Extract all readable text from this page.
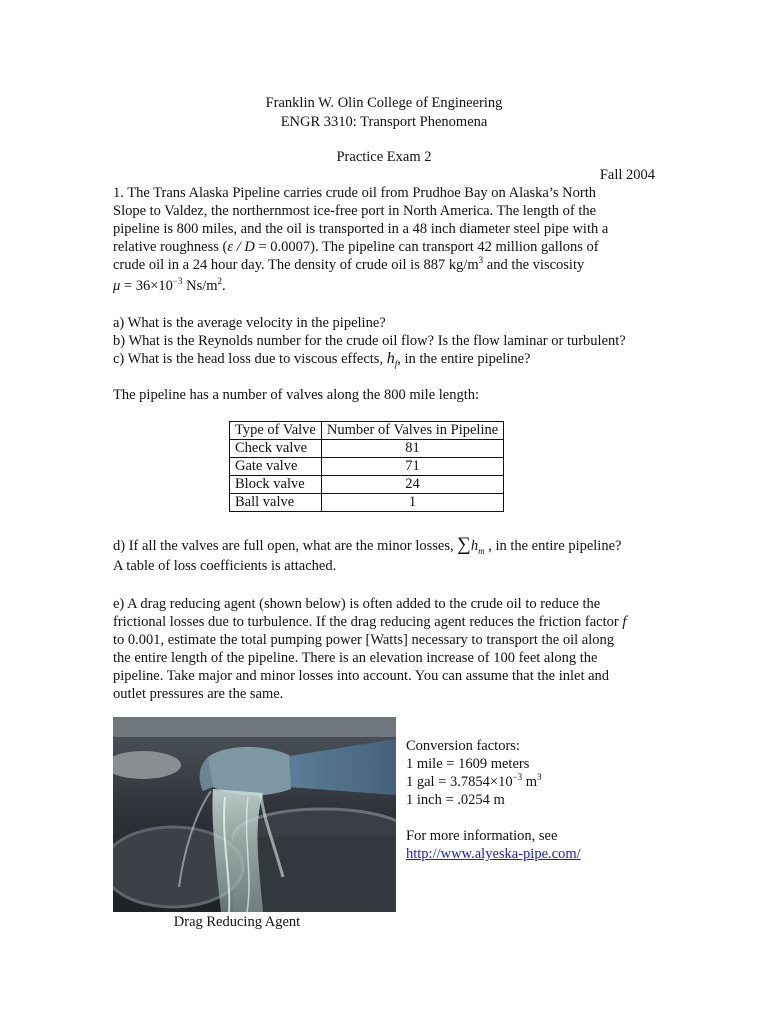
Franklin W. Olin College of Engineering
ENGR 3310: Transport Phenomena
Practice Exam 2
Fall 2004
1. The Trans Alaska Pipeline carries crude oil from Prudhoe Bay on Alaska’s North
Slope to Valdez, the northernmost ice-free port in North America. The length of the
pipeline is 800 miles, and the oil is transported in a 48 inch diameter steel pipe with a
relative roughness (ε / D = 0.0007). The pipeline can transport 42 million gallons of
crude oil in a 24 hour day. The density of crude oil is 887 $kg/m^3$ and the viscosity
$\mu = 36\times 10^{-3}$ $Ns/m^2$.
a) What is the average velocity in the pipeline?
b) What is the Reynolds number for the crude oil flow? Is the flow laminar or turbulent?
c) What is the head loss due to viscous effects, $h_f$, in the entire pipeline?
The pipeline has a number of valves along the 800 mile length:
Type of Valve	Number of Valves in Pipeline
Check valve	81
Gate valve	71
Block valve	24
Ball valve	1
d) If all the valves are full open, what are the minor losses, $\sum h_m$ , in the entire pipeline?
A table of loss coefficients is attached.
e) A drag reducing agent (shown below) is often added to the crude oil to reduce the
frictional losses due to turbulence. If the drag reducing agent reduces the friction factor f
to 0.001, estimate the total pumping power [Watts] necessary to transport the oil along
the entire length of the pipeline. There is an elevation increase of 100 feet along the
pipeline. Take major and minor losses into account. You can assume that the inlet and
outlet pressures are the same.
Drag Reducing Agent
Conversion factors:
1 mile = 1609 meters
1 gal = $3.7854\times 10^{-3}$ $m^3$
1 inch = .0254 m
For more information, see
http://www.alyeska-pipe.com/
